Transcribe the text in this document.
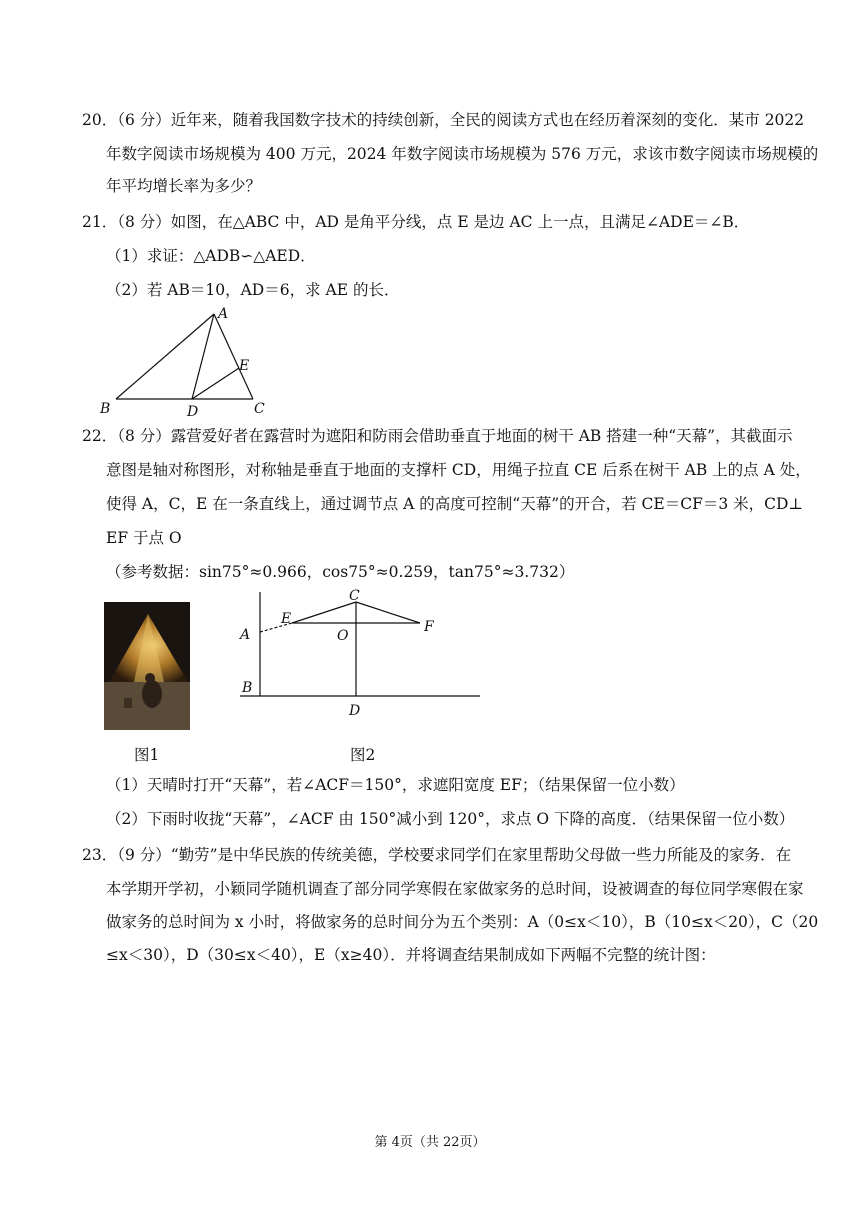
20．（6 分）近年来，随着我国数字技术的持续创新，全民的阅读方式也在经历着深刻的变化．某市 2022
年数字阅读市场规模为 400 万元，2024 年数字阅读市场规模为 576 万元，求该市数字阅读市场规模的
年平均增长率为多少？
21．（8 分）如图，在△ABC 中，AD 是角平分线，点 E 是边 AC 上一点，且满足∠ADE＝∠B．
（1）求证：△ADB∽△AED．
（2）若 AB＝10，AD＝6，求 AE 的长．
A
B	C
D
E
22．（8 分）露营爱好者在露营时为遮阳和防雨会借助垂直于地面的树干 AB 搭建一种“天幕”，其截面示
意图是轴对称图形，对称轴是垂直于地面的支撑杆 CD，用绳子拉直 CE 后系在树干 AB 上的点 A 处，
使得 A，C，E 在一条直线上，通过调节点 A 的高度可控制“天幕”的开合，若 CE＝CF＝3 米，CD⊥
EF 于点 O
（参考数据：sin75°≈0.966，cos75°≈0.259，tan75°≈3.732）
图1
C
E	F
A	O
B
D
图2
（1）天晴时打开“天幕”，若∠ACF＝150°，求遮阳宽度 EF；（结果保留一位小数）
（2）下雨时收拢“天幕”，∠ACF 由 150°减小到 120°，求点 O 下降的高度．（结果保留一位小数）
23．（9 分）“勤劳”是中华民族的传统美德，学校要求同学们在家里帮助父母做一些力所能及的家务．在
本学期开学初，小颖同学随机调查了部分同学寒假在家做家务的总时间，设被调查的每位同学寒假在家
做家务的总时间为 x 小时，将做家务的总时间分为五个类别：A（0≤x＜10），B（10≤x＜20），C（20
≤x＜30），D（30≤x＜40），E（x≥40）．并将调查结果制成如下两幅不完整的统计图：
第 4页（共 22页）
